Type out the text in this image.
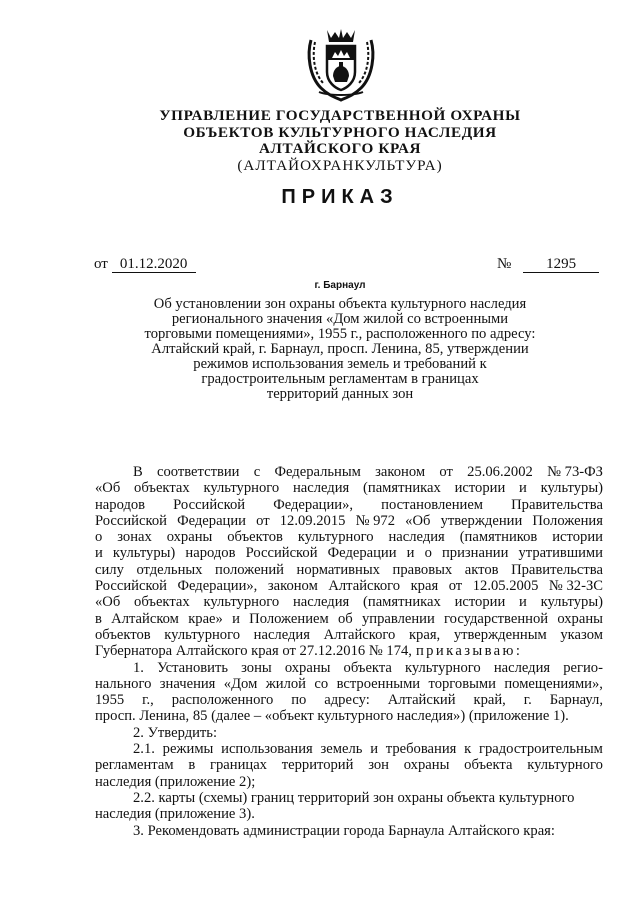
УПРАВЛЕНИЕ ГОСУДАРСТВЕННОЙ ОХРАНЫ
ОБЪЕКТОВ КУЛЬТУРНОГО НАСЛЕДИЯ
АЛТАЙСКОГО КРАЯ
(АЛТАЙОХРАНКУЛЬТУРА)
ПРИКАЗ
от 01.12.2020	№ 1295
г. Барнаул
Об установлении зон охраны объекта культурного наследия
регионального значения «Дом жилой со встроенными
торговыми помещениями», 1955 г., расположенного по адресу:
Алтайский край, г. Барнаул, просп. Ленина, 85, утверждении
режимов использования земель и требований к
градостроительным регламентам в границах
территорий данных зон
В соответствии с Федеральным законом от 25.06.2002 № 73-ФЗ
«Об объектах культурного наследия (памятниках истории и культуры)
народов Российской Федерации», постановлением Правительства
Российской Федерации от 12.09.2015 № 972 «Об утверждении Положения
о зонах охраны объектов культурного наследия (памятников истории
и культуры) народов Российской Федерации и о признании утратившими
силу отдельных положений нормативных правовых актов Правительства
Российской Федерации», законом Алтайского края от 12.05.2005 № 32-ЗС
«Об объектах культурного наследия (памятниках истории и культуры)
в Алтайском крае» и Положением об управлении государственной охраны
объектов культурного наследия Алтайского края, утвержденным указом
Губернатора Алтайского края от 27.12.2016 № 174, приказываю:
1. Установить зоны охраны объекта культурного наследия регио-
нального значения «Дом жилой со встроенными торговыми помещениями»,
1955 г., расположенного по адресу: Алтайский край, г. Барнаул,
просп. Ленина, 85 (далее – «объект культурного наследия») (приложение 1).
2. Утвердить:
2.1. режимы использования земель и требования к градостроительным
регламентам в границах территорий зон охраны объекта культурного
наследия (приложение 2);
2.2. карты (схемы) границ территорий зон охраны объекта культурного
наследия (приложение 3).
3. Рекомендовать администрации города Барнаула Алтайского края:
